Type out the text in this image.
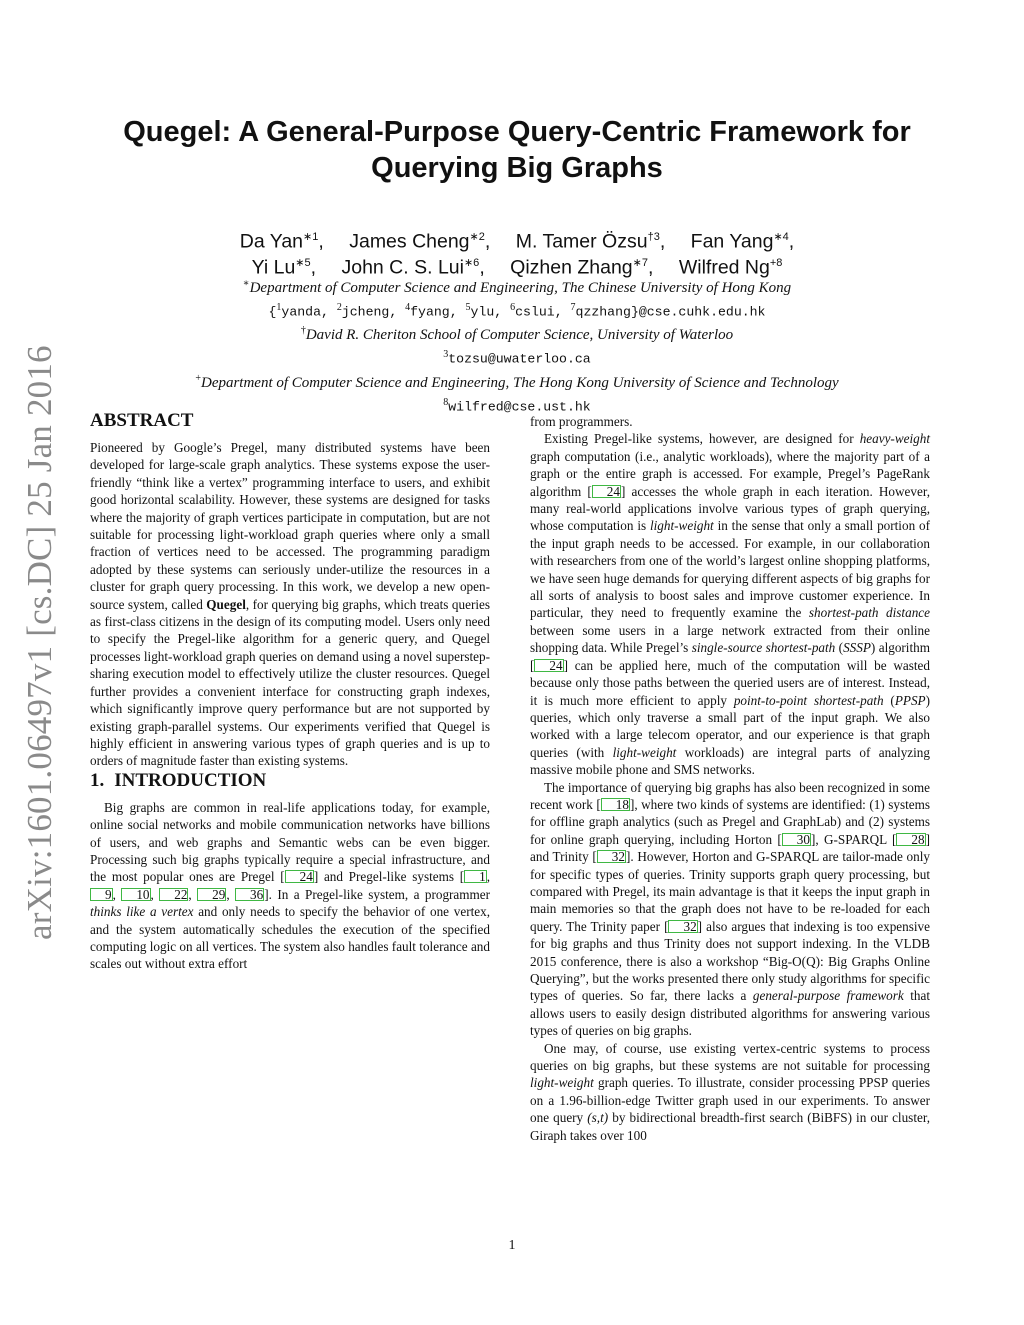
arXiv:1601.06497v1 [cs.DC] 25 Jan 2016
Quegel: A General-Purpose Query-Centric Framework for
Querying Big Graphs
Da Yan$^{∗1}$, James Cheng$^{∗2}$, M. Tamer Özsu$^{\dagger 3}$, Fan Yang$^{∗4}$,
Yi $Lu^{∗5}$, John C. S. Lui$^{∗6}$, Qizhen Zhang$^{∗7}$, Wilfred $Ng^{+8}$
∗Department of Computer Science and Engineering, The Chinese University of Hong Kong
{$^1$yanda, $^2$jcheng, $^4$fyang, $^5$ylu, $^6$cslui, $^7$qzzhang}@cse.cuhk.edu.hk
†David R. Cheriton School of Computer Science, University of Waterloo
$^3$tozsu@uwaterloo.ca
+Department of Computer Science and Engineering, The Hong Kong University of Science and Technology
$^8$wilfred@cse.ust.hk
ABSTRACT

Pioneered by Google’s Pregel, many distributed systems have been developed for large-scale graph analytics. These systems expose the user-friendly “think like a vertex” programming interface to users, and exhibit good horizontal scalability. However, these systems are designed for tasks where the majority of graph vertices participate in computation, but are not suitable for processing light-workload graph queries where only a small fraction of vertices need to be accessed. The programming paradigm adopted by these systems can seriously under-utilize the resources in a cluster for graph query processing. In this work, we develop a new open-source system, called Quegel, for querying big graphs, which treats queries as first-class citizens in the design of its computing model. Users only need to specify the Pregel-like algorithm for a generic query, and Quegel processes light-workload graph queries on demand using a novel superstep-sharing execution model to effectively utilize the cluster resources. Quegel further provides a convenient interface for constructing graph indexes, which significantly improve query performance but are not supported by existing graph-parallel systems. Our experiments verified that Quegel is highly efficient in answering various types of graph queries and is up to orders of magnitude faster than existing systems.

1. INTRODUCTION

Big graphs are common in real-life applications today, for example, online social networks and mobile communication networks have billions of users, and web graphs and Semantic webs can be even bigger. Processing such big graphs typically require a special infrastructure, and the most popular ones are Pregel [ 24] and Pregel-like systems [ 1, 9, 10, 22, 29, 36]. In a Pregel-like system, a programmer thinks like a vertex and only needs to specify the behavior of one vertex, and the system automatically schedules the execution of the specified computing logic on all vertices. The system also handles fault tolerance and scales out without extra effort

from programmers.

Existing Pregel-like systems, however, are designed for heavy-weight graph computation (i.e., analytic workloads), where the majority part of a graph or the entire graph is accessed. For example, Pregel’s PageRank algorithm [ 24] accesses the whole graph in each iteration. However, many real-world applications involve various types of graph querying, whose computation is light-weight in the sense that only a small portion of the input graph needs to be accessed. For example, in our collaboration with researchers from one of the world’s largest online shopping platforms, we have seen huge demands for querying different aspects of big graphs for all sorts of analysis to boost sales and improve customer experience. In particular, they need to frequently examine the shortest-path distance between some users in a large network extracted from their online shopping data. While Pregel’s single-source shortest-path (SSSP) algorithm [ 24] can be applied here, much of the computation will be wasted because only those paths between the queried users are of interest. Instead, it is much more efficient to apply point-to-point shortest-path (PPSP) queries, which only traverse a small part of the input graph. We also worked with a large telecom operator, and our experience is that graph queries (with light-weight workloads) are integral parts of analyzing massive mobile phone and SMS networks.

The importance of querying big graphs has also been recognized in some recent work [ 18], where two kinds of systems are identified: (1) systems for offline graph analytics (such as Pregel and GraphLab) and (2) systems for online graph querying, including Horton [ 30], G-SPARQL [ 28] and Trinity [ 32]. However, Horton and G-SPARQL are tailor-made only for specific types of queries. Trinity supports graph query processing, but compared with Pregel, its main advantage is that it keeps the input graph in main memories so that the graph does not have to be re-loaded for each query. The Trinity paper [ 32] also argues that indexing is too expensive for big graphs and thus Trinity does not support indexing. In the VLDB 2015 conference, there is also a workshop “Big-O(Q): Big Graphs Online Querying”, but the works presented there only study algorithms for specific types of queries. So far, there lacks a general-purpose framework that allows users to easily design distributed algorithms for answering various types of queries on big graphs.

One may, of course, use existing vertex-centric systems to process queries on big graphs, but these systems are not suitable for processing light-weight graph queries. To illustrate, consider processing PPSP queries on a 1.96-billion-edge Twitter graph used in our experiments. To answer one query (s,t) by bidirectional breadth-first search (BiBFS) in our cluster, Giraph takes over 100

1
